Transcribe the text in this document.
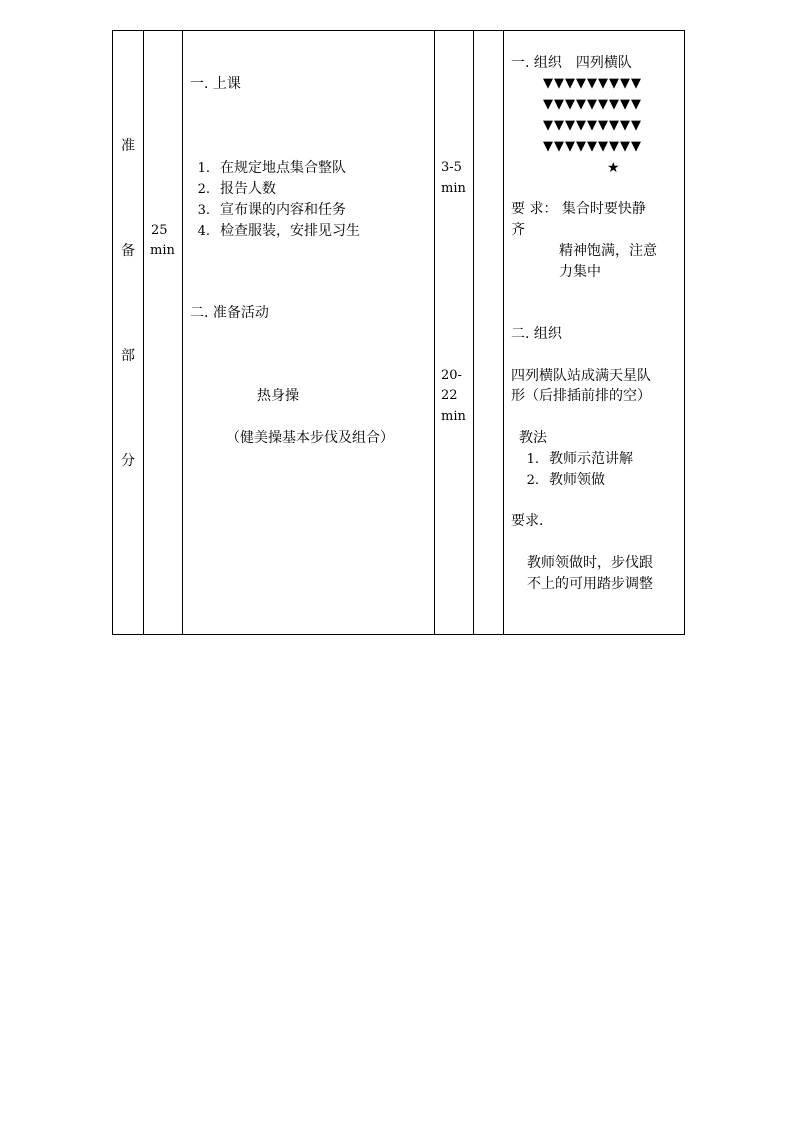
准
备
部
分
25
min
一. 上课
1. 在规定地点集合整队
2. 报告人数
3. 宣布课的内容和任务
4. 检查服装，安排见习生
二. 准备活动
热身操
（健美操基本步伐及组合）
3-5
min
20-
22
min
一. 组织　四列横队
▼▼▼▼▼▼▼▼▼
▼▼▼▼▼▼▼▼▼
▼▼▼▼▼▼▼▼▼
▼▼▼▼▼▼▼▼▼
★
要 求： 集合时要快静
齐
精神饱满，注意
力集中
二. 组织
四列横队站成满天星队
形（后排插前排的空）
教法
1. 教师示范讲解
2. 教师领做
要求.
教师领做时，步伐跟
不上的可用踏步调整
